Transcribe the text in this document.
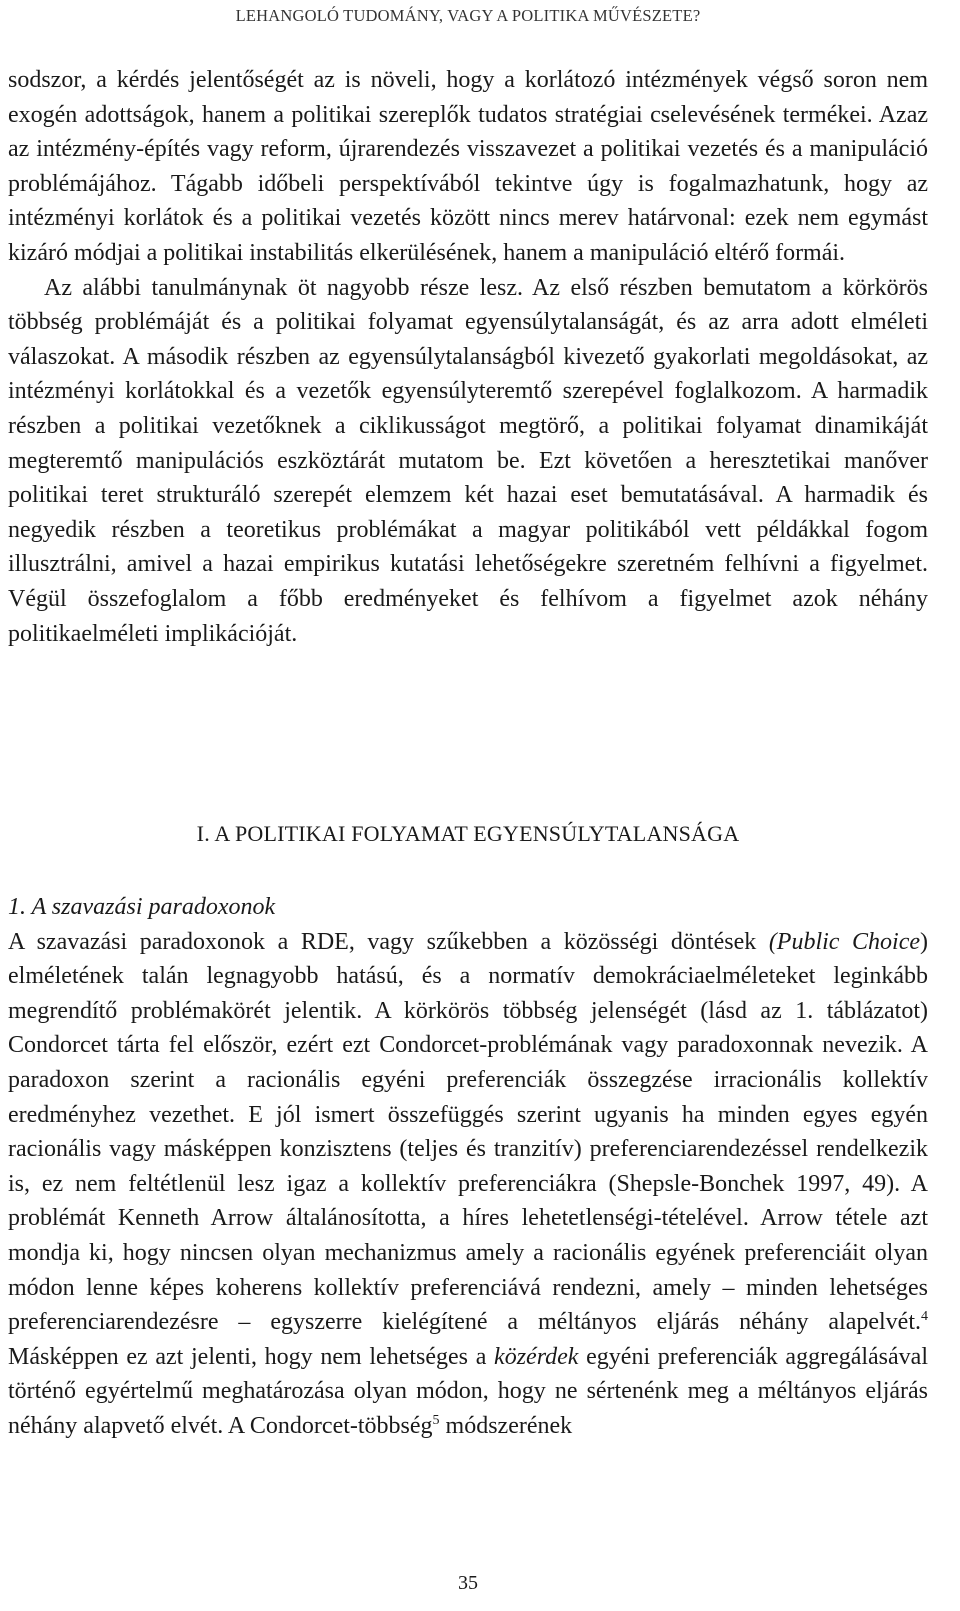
LEHANGOLÓ TUDOMÁNY, VAGY A POLITIKA MŰVÉSZETE?

sodszor, a kérdés jelentőségét az is növeli, hogy a korlátozó intézmények végső soron nem exogén adottságok, hanem a politikai szereplők tudatos stratégiai cselevésének termékei. Azaz az intézmény-építés vagy reform, újrarendezés visszavezet a politikai vezetés és a manipuláció problémájához. Tágabb időbeli perspektívából tekintve úgy is fogalmazhatunk, hogy az intézményi korlátok és a politikai vezetés között nincs merev határvonal: ezek nem egymást kizáró módjai a politikai instabilitás elkerülésének, hanem a manipuláció eltérő formái.

Az alábbi tanulmánynak öt nagyobb része lesz. Az első részben bemutatom a körkörös többség problémáját és a politikai folyamat egyensúlytalanságát, és az arra adott elméleti válaszokat. A második részben az egyensúlytalanságból kivezető gyakorlati megoldásokat, az intézményi korlátokkal és a vezetők egyensúlyteremtő szerepével foglalkozom. A harmadik részben a politikai vezetőknek a ciklikusságot megtörő, a politikai folyamat dinamikáját megteremtő manipulációs eszköztárát mutatom be. Ezt követően a heresztetikai manőver politikai teret strukturáló szerepét elemzem két hazai eset bemutatásával. A harmadik és negyedik részben a teoretikus problémákat a magyar politikából vett példákkal fogom illusztrálni, amivel a hazai empirikus kutatási lehetőségekre szeretném felhívni a figyelmet. Végül összefoglalom a főbb eredményeket és felhívom a figyelmet azok néhány politikaelméleti implikációját.

I. A POLITIKAI FOLYAMAT EGYENSÚLYTALANSÁGA
1. A szavazási paradoxonok

A szavazási paradoxonok a RDE, vagy szűkebben a közösségi döntések (Public Choice) elméletének talán legnagyobb hatású, és a normatív demokráciaelméleteket leginkább megrendítő problémakörét jelentik. A körkörös többség jelenségét (lásd az 1. táblázatot) Condorcet tárta fel először, ezért ezt Condorcet-problémának vagy paradoxonnak nevezik. A paradoxon szerint a racionális egyéni preferenciák összegzése irracionális kollektív eredményhez vezethet. E jól ismert összefüggés szerint ugyanis ha minden egyes egyén racionális vagy másképpen konzisztens (teljes és tranzitív) preferenciarendezéssel rendelkezik is, ez nem feltétlenül lesz igaz a kollektív preferenciákra (Shepsle-Bonchek 1997, 49). A problémát Kenneth Arrow általánosította, a híres lehetetlenségi-tételével. Arrow tétele azt mondja ki, hogy nincsen olyan mechanizmus amely a racionális egyének preferenciáit olyan módon lenne képes koherens kollektív preferenciává rendezni, amely – minden lehetséges preferenciarendezésre – egyszerre kielégítené a méltányos eljárás néhány alapelvét.$^4$ Másképpen ez azt jelenti, hogy nem lehetséges a közérdek egyéni preferenciák aggregálásával történő egyértelmű meghatározása olyan módon, hogy ne sértenénk meg a méltányos eljárás néhány alapvető elvét. A Condorcet-többség$^5$ módszerének

35
